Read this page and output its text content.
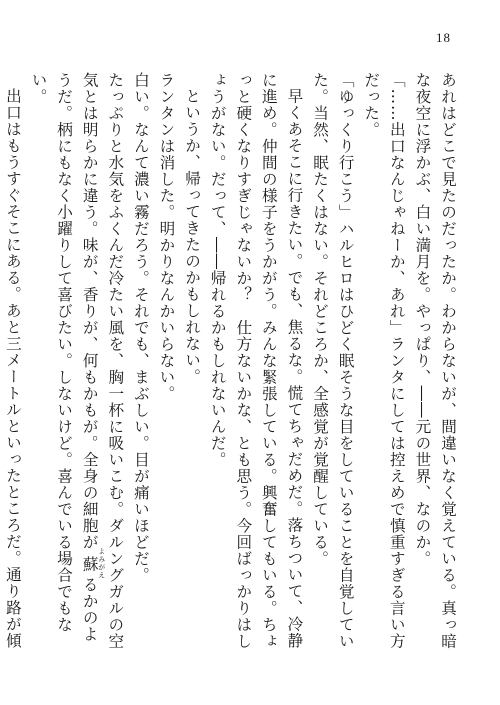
18

あれはどこで見たのだったか。わからないが、間違いなく覚えている。真っ暗な夜空に浮かぶ、白い満月を。やっぱり、――元の世界、なのか。

「……出口なんじゃねーか、あれ」ランタにしては控えめで慎重すぎる言い方だった。

「ゆっくり行こう」ハルヒロはひどく眠そうな目をしていることを自覚していた。当然、眠たくはない。それどころか、全感覚が覚醒している。

早くあそこに行きたい。でも、焦るな。慌てちゃだめだ。落ちついて、冷静に進め。仲間の様子をうかがう。みんな緊張している。興奮してもいる。ちょっと硬くなりすぎじゃないか？　仕方ないかな、とも思う。今回ばっかりはしょうがない。だって、――帰れるかもしれないんだ。

というか、帰ってきたのかもしれない。

ランタンは消した。明かりなんかいらない。

白い。なんて濃い霧だろう。それでも、まぶしい。目が痛いほどだ。

たっぷりと水気をふくんだ冷たい風を、胸一杯に吸いこむ。ダルングガルの空気とは明らかに違う。味が、香りが、何もかもが。全身の細胞が蘇 よみがえるかのようだ。柄にもなく小躍りして喜びたい。しないけど。喜んでいる場合でもない。

出口はもうすぐそこにある。あと三メートルといったところだ。通り路が傾
